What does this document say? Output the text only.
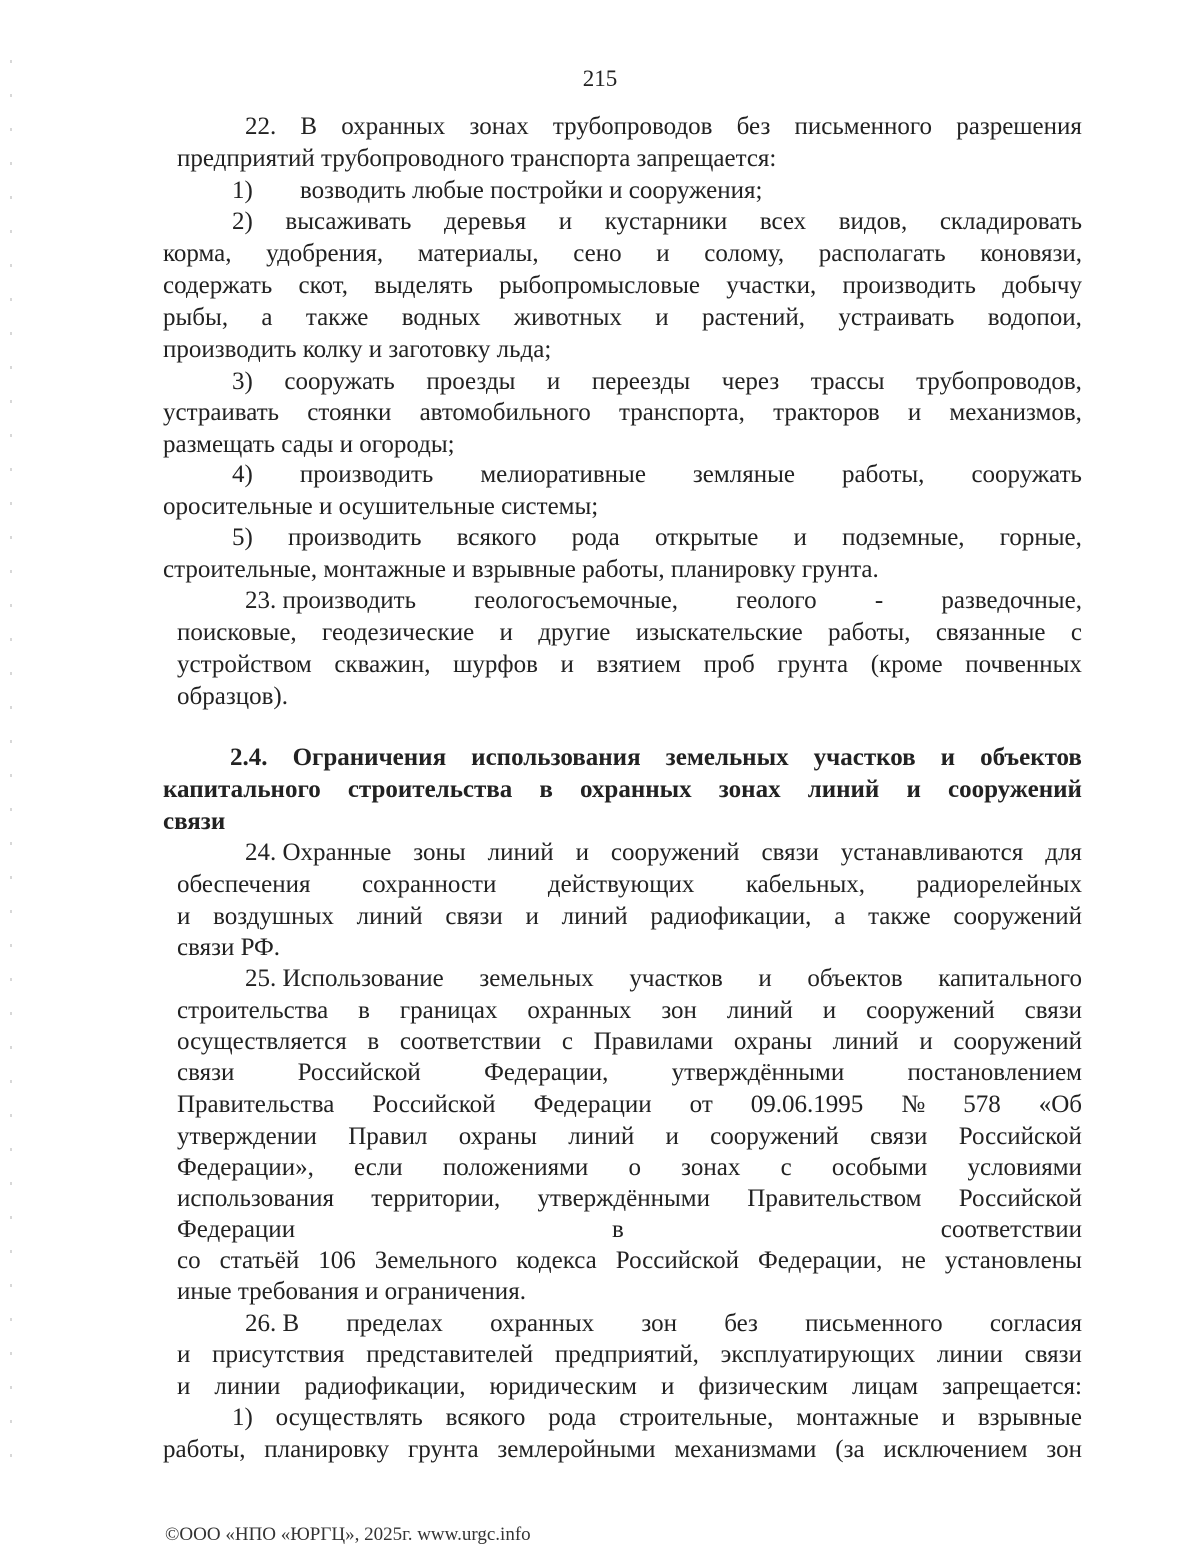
215
22. В охранных зонах трубопроводов без письменного разрешения
предприятий трубопроводного транспорта запрещается:
1) возводить любые постройки и сооружения;
2) высаживать деревья и кустарники всех видов, складировать
корма, удобрения, материалы, сено и солому, располагать коновязи,
содержать скот, выделять рыбопромысловые участки, производить добычу
рыбы, а также водных животных и растений, устраивать водопои,
производить колку и заготовку льда;
3) сооружать проезды и переезды через трассы трубопроводов,
устраивать стоянки автомобильного транспорта, тракторов и механизмов,
размещать сады и огороды;
4) производить мелиоративные земляные работы, сооружать
оросительные и осушительные системы;
5) производить всякого рода открытые и подземные, горные,
строительные, монтажные и взрывные работы, планировку грунта.
23. производить геологосъемочные, геолого - разведочные,
поисковые, геодезические и другие изыскательские работы, связанные с
устройством скважин, шурфов и взятием проб грунта (кроме почвенных
образцов).
2.4. Ограничения использования земельных участков и объектов
капитального строительства в охранных зонах линий и сооружений
связи
24. Охранные зоны линий и сооружений связи устанавливаются для
обеспечения сохранности действующих кабельных, радиорелейных
и воздушных линий связи и линий радиофикации, а также сооружений
связи РФ.
25. Использование земельных участков и объектов капитального
строительства в границах охранных зон линий и сооружений связи
осуществляется в соответствии с Правилами охраны линий и сооружений
связи	Российской	Федерации,	утверждёнными	постановлением
Правительства Российской Федерации от 09.06.1995 № 578 «Об
утверждении Правил охраны линий и сооружений связи Российской
Федерации», если положениями о зонах с особыми условиями
использования территории, утверждёнными Правительством Российской
Федерации	в	соответствии
со статьёй 106 Земельного кодекса Российской Федерации, не установлены
иные требования и ограничения.
26. В пределах охранных зон без письменного согласия
и присутствия представителей предприятий, эксплуатирующих линии связи
и линии радиофикации, юридическим и физическим лицам запрещается:
1) осуществлять всякого рода строительные, монтажные и взрывные
работы, планировку грунта землеройными механизмами (за исключением зон
©ООО «НПО «ЮРГЦ», 2025г. www.urgc.info
